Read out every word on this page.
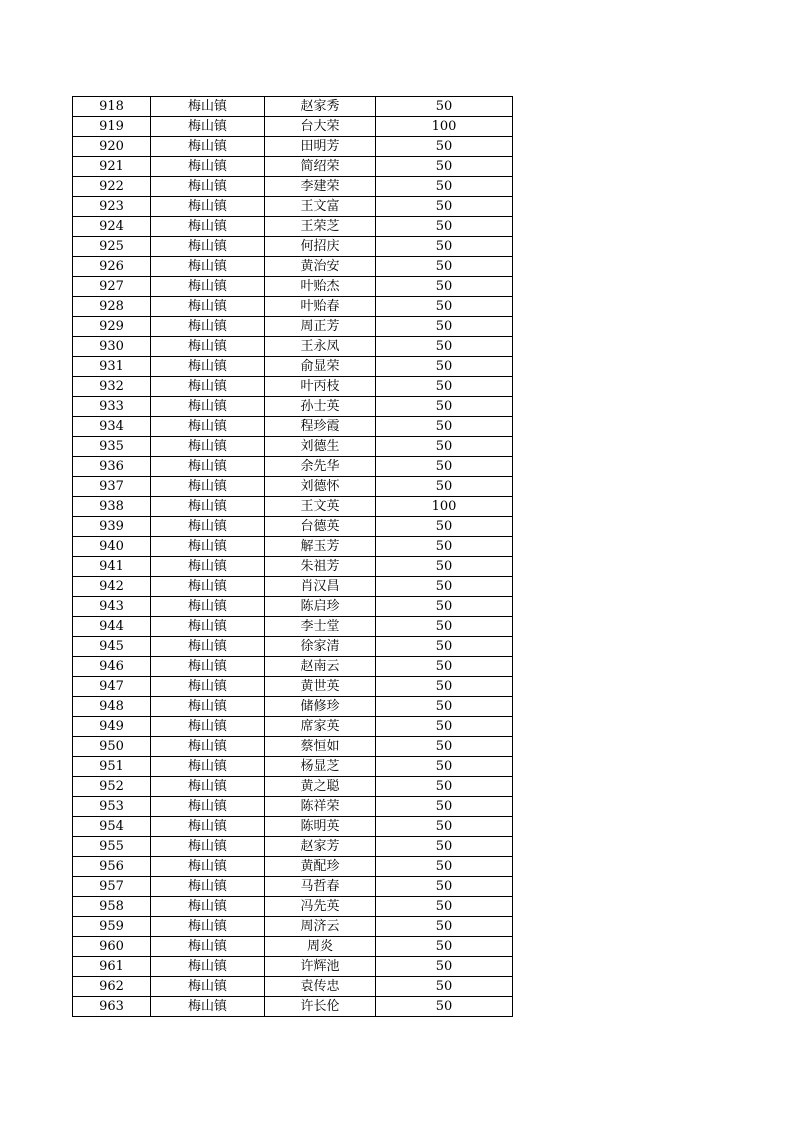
918	梅山镇	赵家秀	50
919	梅山镇	台大荣	100
920	梅山镇	田明芳	50
921	梅山镇	简绍荣	50
922	梅山镇	李建荣	50
923	梅山镇	王文富	50
924	梅山镇	王荣芝	50
925	梅山镇	何招庆	50
926	梅山镇	黄治安	50
927	梅山镇	叶贻杰	50
928	梅山镇	叶贻春	50
929	梅山镇	周正芳	50
930	梅山镇	王永凤	50
931	梅山镇	俞显荣	50
932	梅山镇	叶丙枝	50
933	梅山镇	孙士英	50
934	梅山镇	程珍霞	50
935	梅山镇	刘德生	50
936	梅山镇	余先华	50
937	梅山镇	刘德怀	50
938	梅山镇	王文英	100
939	梅山镇	台德英	50
940	梅山镇	解玉芳	50
941	梅山镇	朱祖芳	50
942	梅山镇	肖汉昌	50
943	梅山镇	陈启珍	50
944	梅山镇	李士堂	50
945	梅山镇	徐家清	50
946	梅山镇	赵南云	50
947	梅山镇	黄世英	50
948	梅山镇	储修珍	50
949	梅山镇	席家英	50
950	梅山镇	蔡恒如	50
951	梅山镇	杨显芝	50
952	梅山镇	黄之聪	50
953	梅山镇	陈祥荣	50
954	梅山镇	陈明英	50
955	梅山镇	赵家芳	50
956	梅山镇	黄配珍	50
957	梅山镇	马哲春	50
958	梅山镇	冯先英	50
959	梅山镇	周济云	50
960	梅山镇	周炎	50
961	梅山镇	许辉池	50
962	梅山镇	袁传忠	50
963	梅山镇	许长伦	50
